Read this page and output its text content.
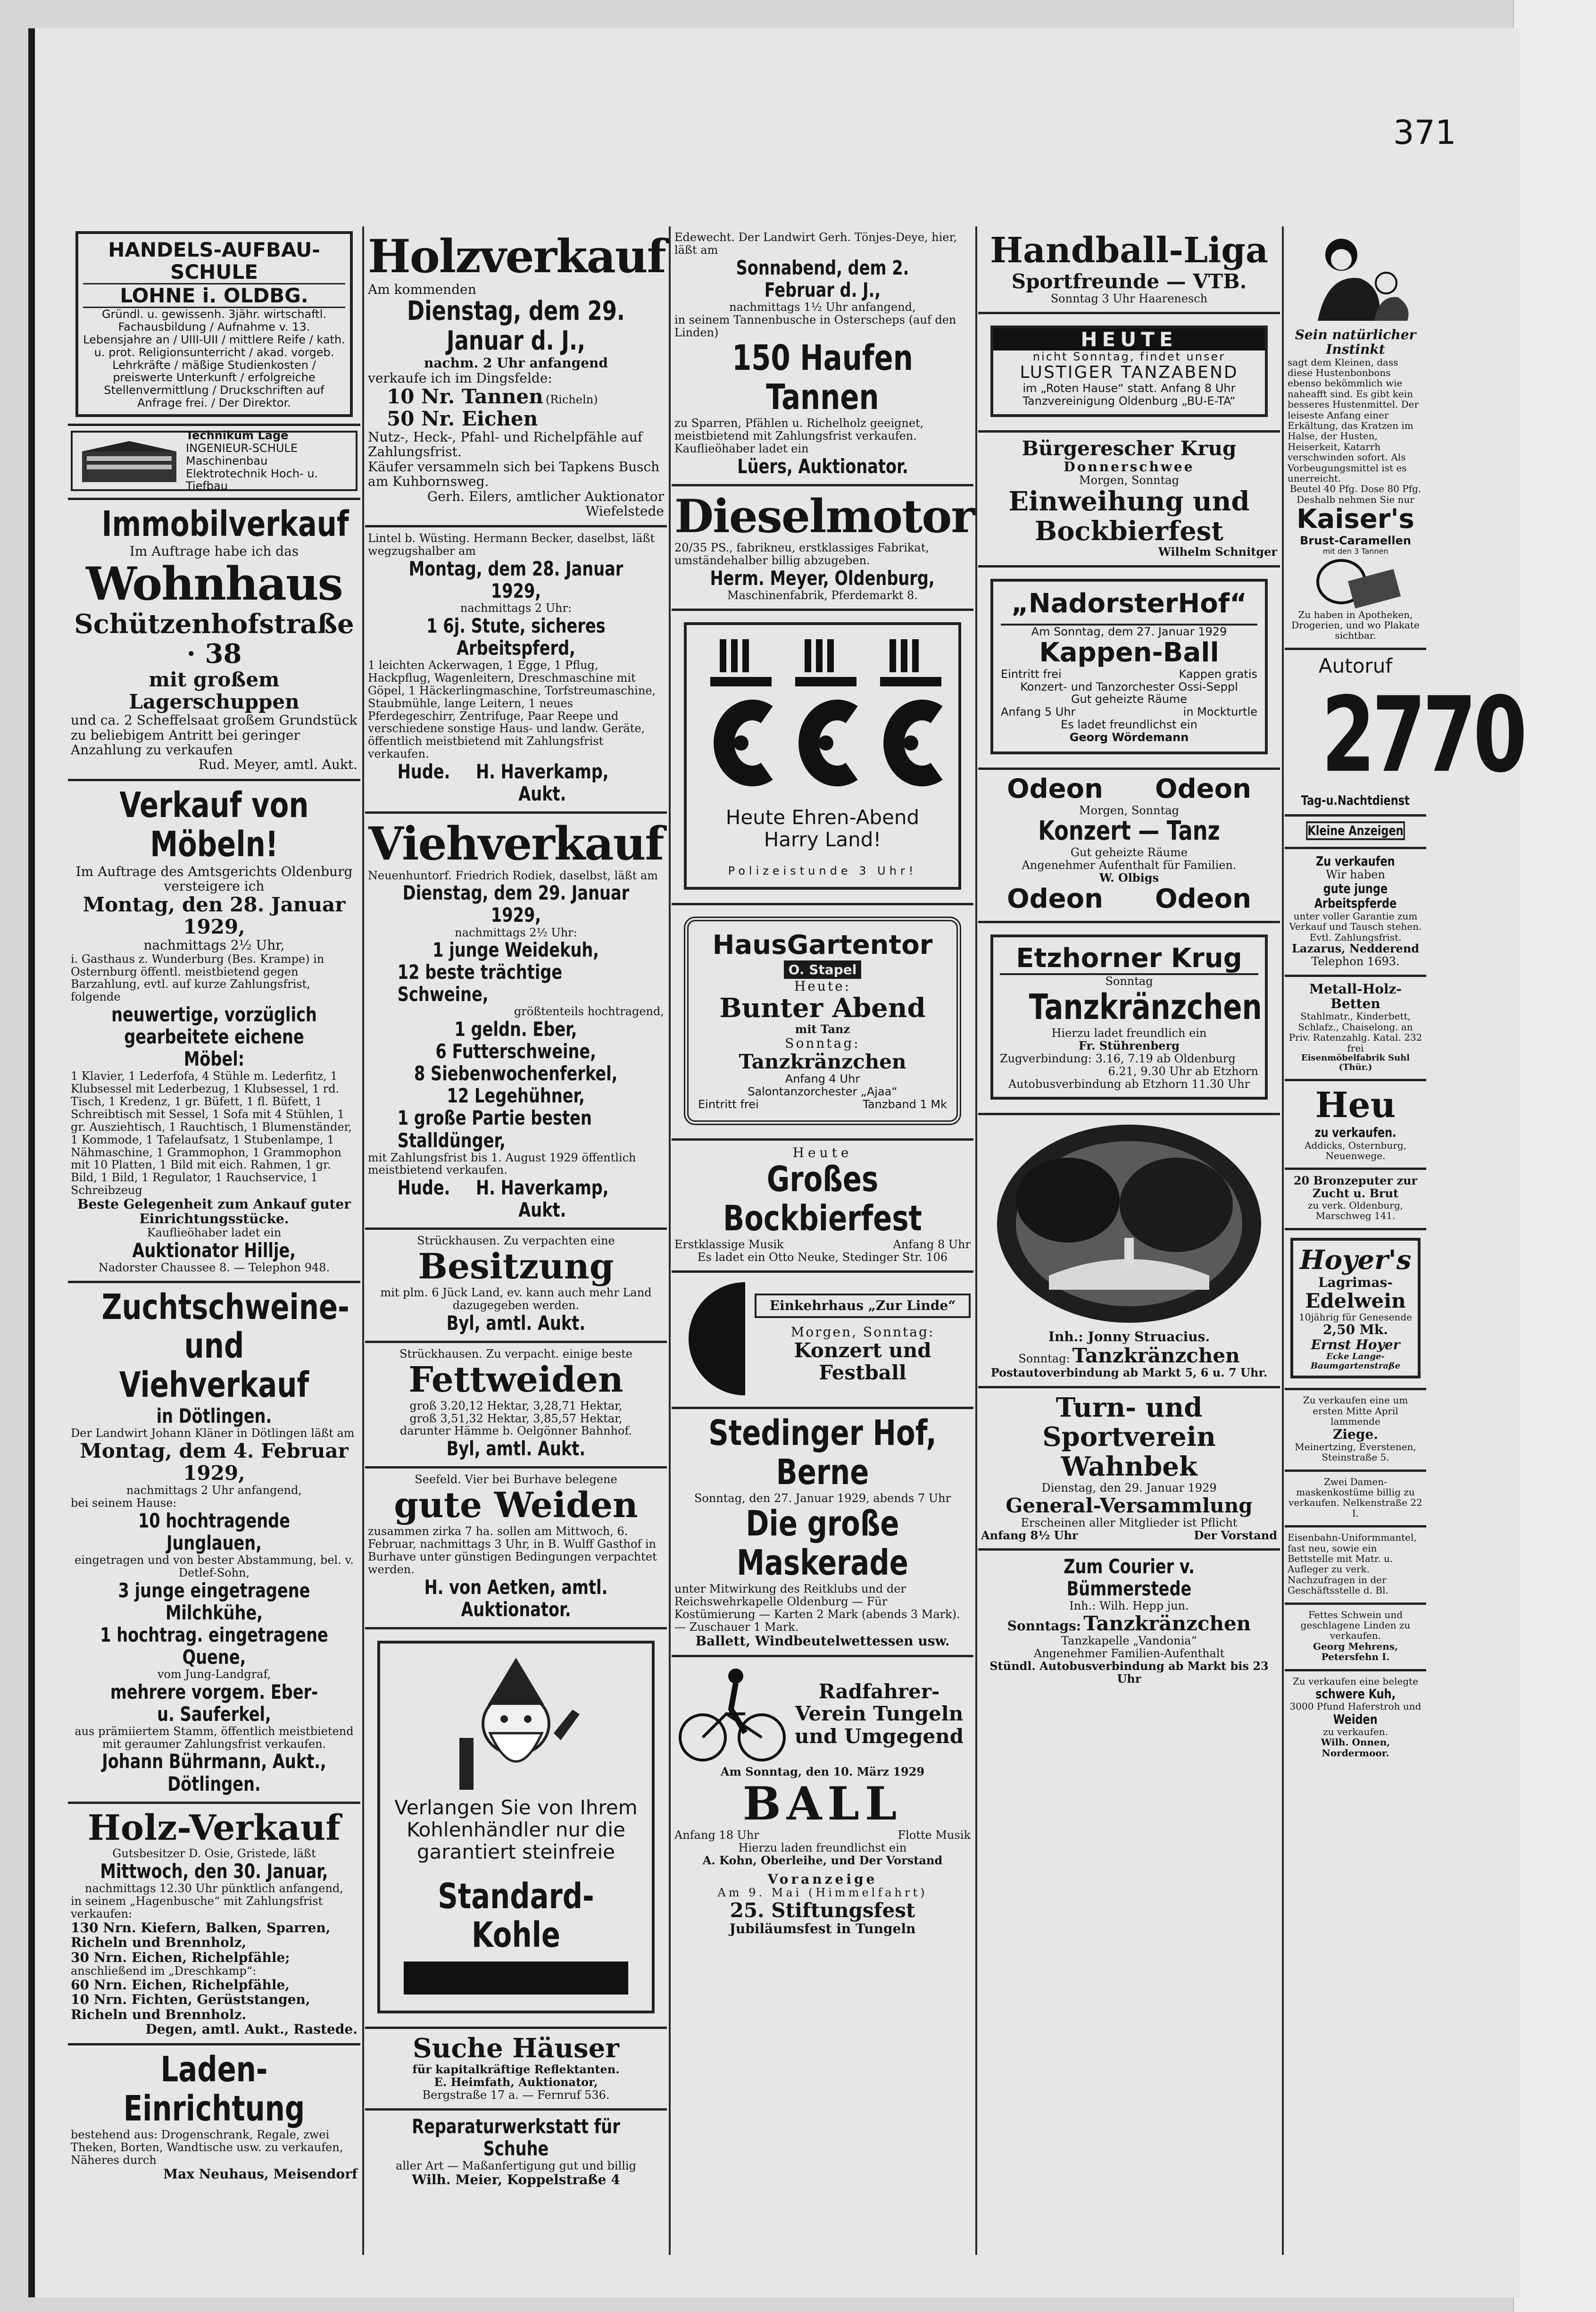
371
HANDELS-AUFBAU-SCHULE
LOHNE i. OLDBG.
Gründl. u. gewissenh. 3jähr. wirtschaftl. Fachausbildung / Aufnahme v. 13. Lebensjahre an / UIII-UII / mittlere Reife / kath. u. prot. Religionsunterricht / akad. vorgeb. Lehrkräfte / mäßige Studienkosten / preiswerte Unterkunft / erfolgreiche Stellenvermittlung / Druckschriften auf Anfrage frei. / Der Direktor.
Technikum Lage
INGENIEUR-SCHULE Maschinenbau Elektrotechnik Hoch- u. Tiefbau
Immobilverkauf
Im Auftrage habe ich das
Wohnhaus
Schützenhofstraße · 38
mit großem Lagerschuppen
und ca. 2 Scheffelsaat großem Grundstück zu beliebigem Antritt bei geringer Anzahlung zu verkaufen
Rud. Meyer, amtl. Aukt.
Verkauf von Möbeln!
Im Auftrage des Amtsgerichts Oldenburg versteigere ich
Montag, den 28. Januar 1929,
nachmittags 2½ Uhr,
i. Gasthaus z. Wunderburg (Bes. Krampe) in Osternburg öffentl. meistbietend gegen Barzahlung, evtl. auf kurze Zahlungsfrist, folgende
neuwertige, vorzüglich gearbeitete eichene Möbel:
1 Klavier, 1 Lederfofa, 4 Stühle m. Lederfitz, 1 Klubsessel mit Lederbezug, 1 Klubsessel, 1 rd. Tisch, 1 Kredenz, 1 gr. Büfett, 1 fl. Büfett, 1 Schreibtisch mit Sessel, 1 Sofa mit 4 Stühlen, 1 gr. Ausziehtisch, 1 Rauchtisch, 1 Blumenständer, 1 Kommode, 1 Tafelaufsatz, 1 Stubenlampe, 1 Nähmaschine, 1 Grammophon, 1 Grammophon mit 10 Platten, 1 Bild mit eich. Rahmen, 1 gr. Bild, 1 Bild, 1 Regulator, 1 Rauchservice, 1 Schreibzeug
Beste Gelegenheit zum Ankauf guter Einrichtungsstücke.
Kauflieöhaber ladet ein
Auktionator Hillje,
Nadorster Chaussee 8. — Telephon 948.
Zuchtschweine- und Viehverkauf in Dötlingen.
Der Landwirt Johann Kläner in Dötlingen läßt am
Montag, dem 4. Februar 1929,
nachmittags 2 Uhr anfangend,
bei seinem Hause:
10 hochtragende Junglauen,
eingetragen und von bester Abstammung, bel. v. Detlef-Sohn,
3 junge eingetragene Milchkühe, 1 hochtrag. eingetragene Quene,
vom Jung-Landgraf,
mehrere vorgem. Eber- u. Sauferkel,
aus prämiiertem Stamm, öffentlich meistbietend mit geraumer Zahlungsfrist verkaufen.
Johann Bührmann, Aukt., Dötlingen.
Holz-Verkauf
Gutsbesitzer D. Osie, Gristede, läßt
Mittwoch, den 30. Januar,
nachmittags 12.30 Uhr pünktlich anfangend,
in seinem „Hagenbusche“ mit Zahlungsfrist verkaufen:
130 Nrn. Kiefern, Balken, Sparren, Richeln und Brennholz,
30 Nrn. Eichen, Richelpfähle;
anschließend im „Dreschkamp“:
60 Nrn. Eichen, Richelpfähle,
10 Nrn. Fichten, Gerüststangen, Richeln und Brennholz.
Degen, amtl. Aukt., Rastede.
Laden-Einrichtung
bestehend aus: Drogenschrank, Regale, zwei Theken, Borten, Wandtische usw. zu verkaufen, Näheres durch
Max Neuhaus, Meisendorf
Holzverkauf
Am kommenden
Dienstag, dem 29. Januar d. J.,
nachm. 2 Uhr anfangend
verkaufe ich im Dingsfelde:
10 Nr. Tannen (Richeln)
50 Nr. Eichen
Nutz-, Heck-, Pfahl- und Richelpfähle auf Zahlungsfrist.
Käufer versammeln sich bei Tapkens Busch am Kuhbornsweg.
Gerh. Eilers, amtlicher Auktionator Wiefelstede
Lintel b. Wüsting. Hermann Becker, daselbst, läßt wegzugshalber am
Montag, dem 28. Januar 1929,
nachmittags 2 Uhr:
1 6j. Stute, sicheres Arbeitspferd,
1 leichten Ackerwagen, 1 Egge, 1 Pflug, Hackpflug, Wagenleitern, Dreschmaschine mit Göpel, 1 Häckerlingmaschine, Torfstreumaschine, Staubmühle, lange Leitern, 1 neues Pferdegeschirr, Zentrifuge, Paar Reepe und verschiedene sonstige Haus- und landw. Geräte, öffentlich meistbietend mit Zahlungsfrist verkaufen.
Hude.	H. Haverkamp, Aukt.
Viehverkauf
Neuenhuntorf. Friedrich Rodiek, daselbst, läßt am
Dienstag, dem 29. Januar 1929,
nachmittags 2½ Uhr:
1 junge Weidekuh, 12 beste trächtige Schweine,
größtenteils hochtragend,
1 geldn. Eber, 6 Futterschweine, 8 Siebenwochenferkel, 12 Legehühner, 1 große Partie besten Stalldünger,
mit Zahlungsfrist bis 1. August 1929 öffentlich meistbietend verkaufen.
Hude.	H. Haverkamp, Aukt.
Strückhausen. Zu verpachten eine
Besitzung
mit plm. 6 Jück Land, ev. kann auch mehr Land dazugegeben werden.
Byl, amtl. Aukt.
Strückhausen. Zu verpacht. einige beste
Fettweiden
groß 3.20,12 Hektar, 3,28,71 Hektar,
groß 3,51,32 Hektar, 3,85,57 Hektar,
darunter Hämme b. Oelgönner Bahnhof.
Byl, amtl. Aukt.
Seefeld. Vier bei Burhave belegene
gute Weiden
zusammen zirka 7 ha. sollen am Mittwoch, 6. Februar, nachmittags 3 Uhr, in B. Wulff Gasthof in Burhave unter günstigen Bedingungen verpachtet werden.
H. von Aetken, amtl. Auktionator.
Verlangen Sie von Ihrem
Kohlenhändler nur die
garantiert steinfreie
Standard-Kohle
Suche Häuser
für kapitalkräftige Reflektanten.
E. Heimfath, Auktionator,
Bergstraße 17 a. — Fernruf 536.
Reparaturwerkstatt für Schuhe
aller Art — Maßanfertigung gut und billig
Wilh. Meier, Koppelstraße 4
Edewecht. Der Landwirt Gerh. Tönjes-Deye, hier, läßt am
Sonnabend, dem 2. Februar d. J.,
nachmittags 1½ Uhr anfangend,
in seinem Tannenbusche in Osterscheps (auf den Linden)
150 Haufen Tannen
zu Sparren, Pfählen u. Richelholz geeignet, meistbietend mit Zahlungsfrist verkaufen. Kauflieöhaber ladet ein
Lüers, Auktionator.
Dieselmotor
20/35 PS., fabrikneu, erstklassiges Fabrikat, umständehalber billig abzugeben.
Herm. Meyer, Oldenburg,
Maschinenfabrik, Pferdemarkt 8.
Heute Ehren-Abend
Harry Land!
Polizeistunde 3 Uhr!
HausGartentor
O. Stapel
Heute:
Bunter Abend
mit Tanz
Sonntag:
Tanzkränzchen
Anfang 4 Uhr
Salontanzorchester „Ajaa“
Eintritt frei	Tanzband 1 Mk
Heute
Großes Bockbierfest
Erstklassige Musik	Anfang 8 Uhr
Es ladet ein Otto Neuke, Stedinger Str. 106
Einkehrhaus „Zur Linde“
Morgen, Sonntag:
Konzert und Festball
Stedinger Hof, Berne
Sonntag, den 27. Januar 1929, abends 7 Uhr
Die große Maskerade
unter Mitwirkung des Reitklubs und der Reichswehrkapelle Oldenburg — Für Kostümierung — Karten 2 Mark (abends 3 Mark). — Zuschauer 1 Mark.
Ballett, Windbeutelwettessen usw.
Radfahrer-Verein Tungeln und Umgegend
Am Sonntag, den 10. März 1929
BALL
Anfang 18 Uhr	Flotte Musik
Hierzu laden freundlichst ein
A. Kohn, Oberleihe, und Der Vorstand
Voranzeige
Am 9. Mai (Himmelfahrt)
25. Stiftungsfest
Jubiläumsfest in Tungeln
Handball-Liga
Sportfreunde — VTB.
Sonntag 3 Uhr Haarenesch
HEUTE
nicht Sonntag, findet unser
LUSTIGER TANZABEND
im „Roten Hause“ statt. Anfang 8 Uhr
Tanzvereinigung Oldenburg „BU-E-TA“
Bürgerescher Krug
Donnerschwee
Morgen, Sonntag
Einweihung und Bockbierfest
Wilhelm Schnitger
„NadorsterHof“
Am Sonntag, dem 27. Januar 1929
Kappen-Ball
Eintritt frei	Kappen gratis
Konzert- und Tanzorchester Ossi-Seppl
Gut geheizte Räume
Anfang 5 Uhr	in Mockturtle
Es ladet freundlichst ein
Georg Wördemann
Odeon Odeon
Morgen, Sonntag
Konzert — Tanz
Gut geheizte Räume
Angenehmer Aufenthalt für Familien.
W. Olbigs
Odeon Odeon
Etzhorner Krug
Sonntag
Tanzkränzchen
Hierzu ladet freundlich ein
Fr. Stührenberg
Zugverbindung: 3.16, 7.19 ab Oldenburg
6.21, 9.30 Uhr ab Etzhorn
Autobusverbindung ab Etzhorn 11.30 Uhr
Inh.: Jonny Struacius.
Sonntag: Tanzkränzchen
Postautoverbindung ab Markt 5, 6 u. 7 Uhr.
Turn- und Sportverein Wahnbek
Dienstag, den 29. Januar 1929
General-Versammlung
Erscheinen aller Mitglieder ist Pflicht
Anfang 8½ Uhr	Der Vorstand
Zum Courier v. Bümmerstede
Inh.: Wilh. Hepp jun.
Sonntags: Tanzkränzchen
Tanzkapelle „Vandonia“
Angenehmer Familien-Aufenthalt
Stündl. Autobusverbindung ab Markt bis 23 Uhr
Sein natürlicher Instinkt
sagt dem Kleinen, dass diese Hustenbonbons ebenso bekömmlich wie naheafft sind. Es gibt kein besseres Hustenmittel. Der leiseste Anfang einer Erkältung, das Kratzen im Halse, der Husten, Heiserkeit, Katarrh verschwinden sofort. Als Vorbeugungsmittel ist es unerreicht.
Beutel 40 Pfg. Dose 80 Pfg.
Deshalb nehmen Sie nur
Kaiser's
Brust-Caramellen
mit den 3 Tannen
Zu haben in Apotheken, Drogerien, und wo Plakate sichtbar.
Autoruf
2770 Tag-u.Nachtdienst
Kleine Anzeigen
Zu verkaufen
Wir haben
gute junge Arbeitspferde
unter voller Garantie zum Verkauf und Tausch stehen. Evtl. Zahlungsfrist.
Lazarus, Nedderend
Telephon 1693.
Metall-Holz- Betten
Stahlmatr., Kinderbett, Schlafz., Chaiselong. an Priv. Ratenzahlg. Katal. 232 frei
Eisenmöbelfabrik Suhl (Thür.)
Heu
zu verkaufen.
Addicks, Osternburg, Neuenwege.
20 Bronzeputer zur Zucht u. Brut
zu verk. Oldenburg, Marschweg 141.
Hoyer's
Lagrimas-
Edelwein
10jährig für Genesende
2,50 Mk.
Ernst Hoyer
Ecke Lange- Baumgartenstraße
Zu verkaufen eine um ersten Mitte April lammende
Ziege.
Meinertzing, Everstenen, Steinstraße 5.
Zwei Damen-maskenkostüme billig zu verkaufen. Nelkenstraße 22 I.
Eisenbahn-Uniformmantel, fast neu, sowie ein Bettstelle mit Matr. u. Aufleger zu verk. Nachzufragen in der Geschäftsstelle d. Bl.
Fettes Schwein und geschlagene Linden zu verkaufen.
Georg Mehrens, Petersfehn I.
Zu verkaufen eine belegte
schwere Kuh,
3000 Pfund Haferstroh und
Weiden
zu verkaufen.
Wilh. Onnen, Nordermoor.
